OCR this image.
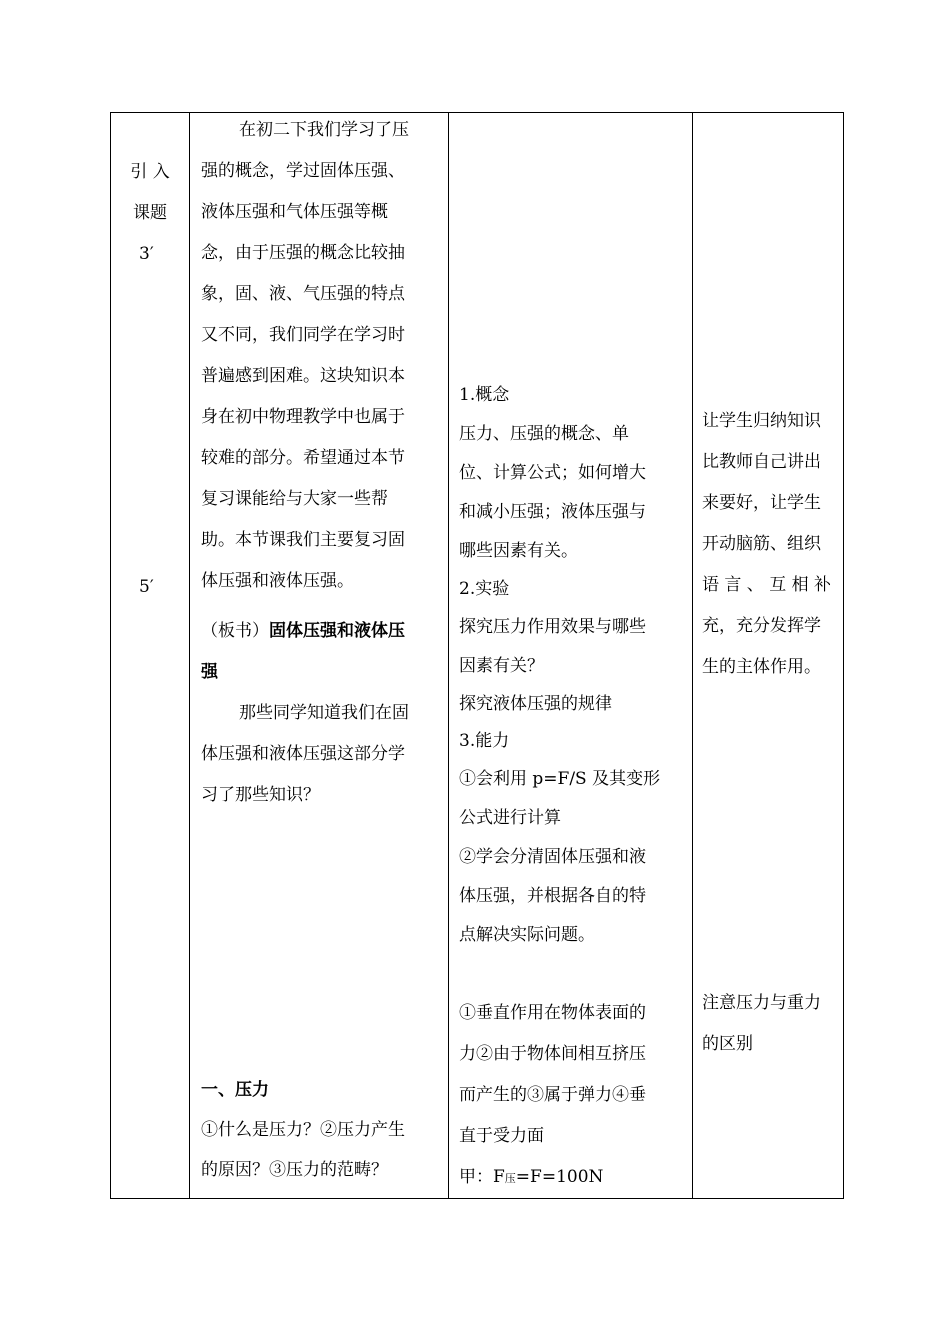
引 入

课题

3′

5′

在初二下我们学习了压

强的概念，学过固体压强、

液体压强和气体压强等概

念，由于压强的概念比较抽

象，固、液、气压强的特点

又不同，我们同学在学习时

普遍感到困难。这块知识本

身在初中物理教学中也属于

较难的部分。希望通过本节

复习课能给与大家一些帮

助。本节课我们主要复习固

体压强和液体压强。

（板书）固体压强和液体压

强

那些同学知道我们在固

体压强和液体压强这部分学

习了那些知识？

一、压力

①什么是压力？②压力产生

的原因？③压力的范畴？

1.概念

压力、压强的概念、单

位、计算公式；如何增大

和减小压强；液体压强与

哪些因素有关。

2.实验

探究压力作用效果与哪些

因素有关？

探究液体压强的规律

3.能力

①会利用 p=F/S 及其变形

公式进行计算

②学会分清固体压强和液

体压强，并根据各自的特

点解决实际问题。

①垂直作用在物体表面的

力②由于物体间相互挤压

而产生的③属于弹力④垂

直于受力面

甲：F压=F=100N

让学生归纳知识

比教师自己讲出

来要好，让学生

开动脑筋、组织

语 言 、 互 相 补

充，充分发挥学

生的主体作用。

注意压力与重力

的区别
